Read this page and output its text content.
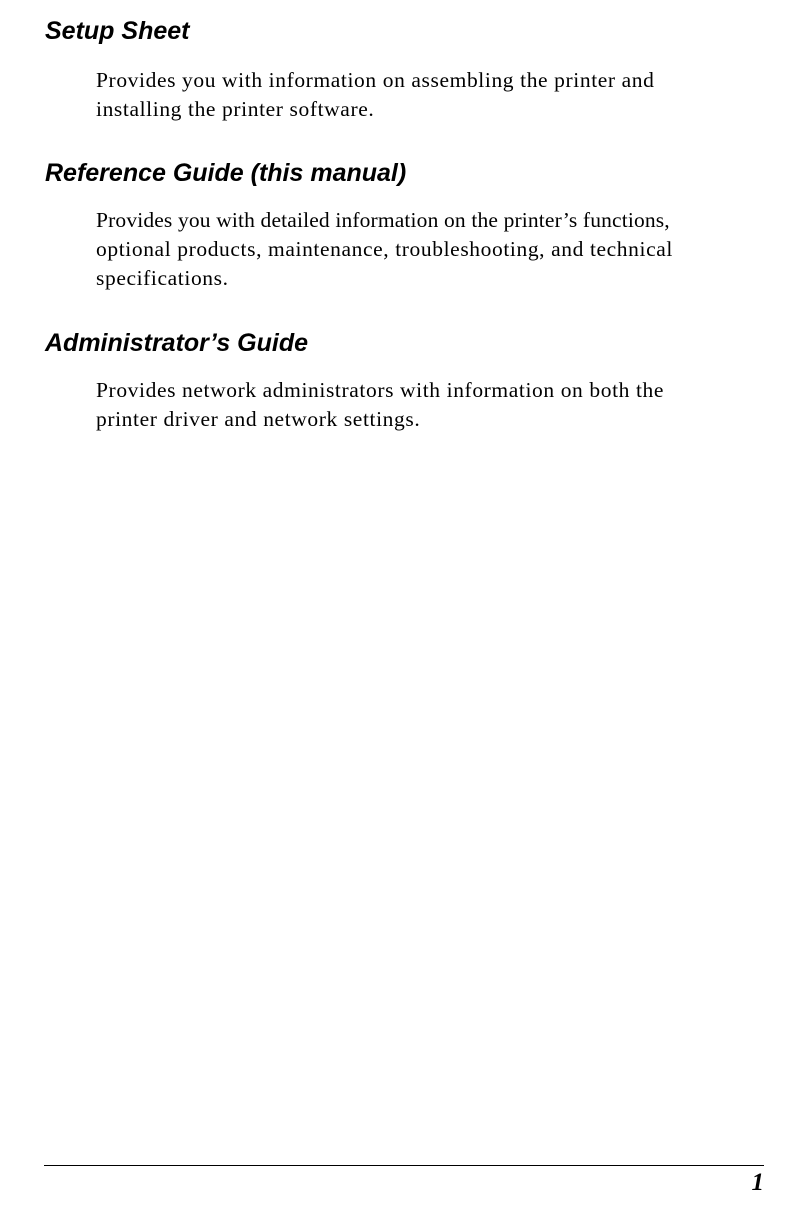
Setup Sheet

Provides you with information on assembling the printer and
installing the printer software.

Reference Guide (this manual)

Provides you with detailed information on the printer’s functions,
optional products, maintenance, troubleshooting, and technical
specifications.

Administrator’s Guide

Provides network administrators with information on both the
printer driver and network settings.

1
